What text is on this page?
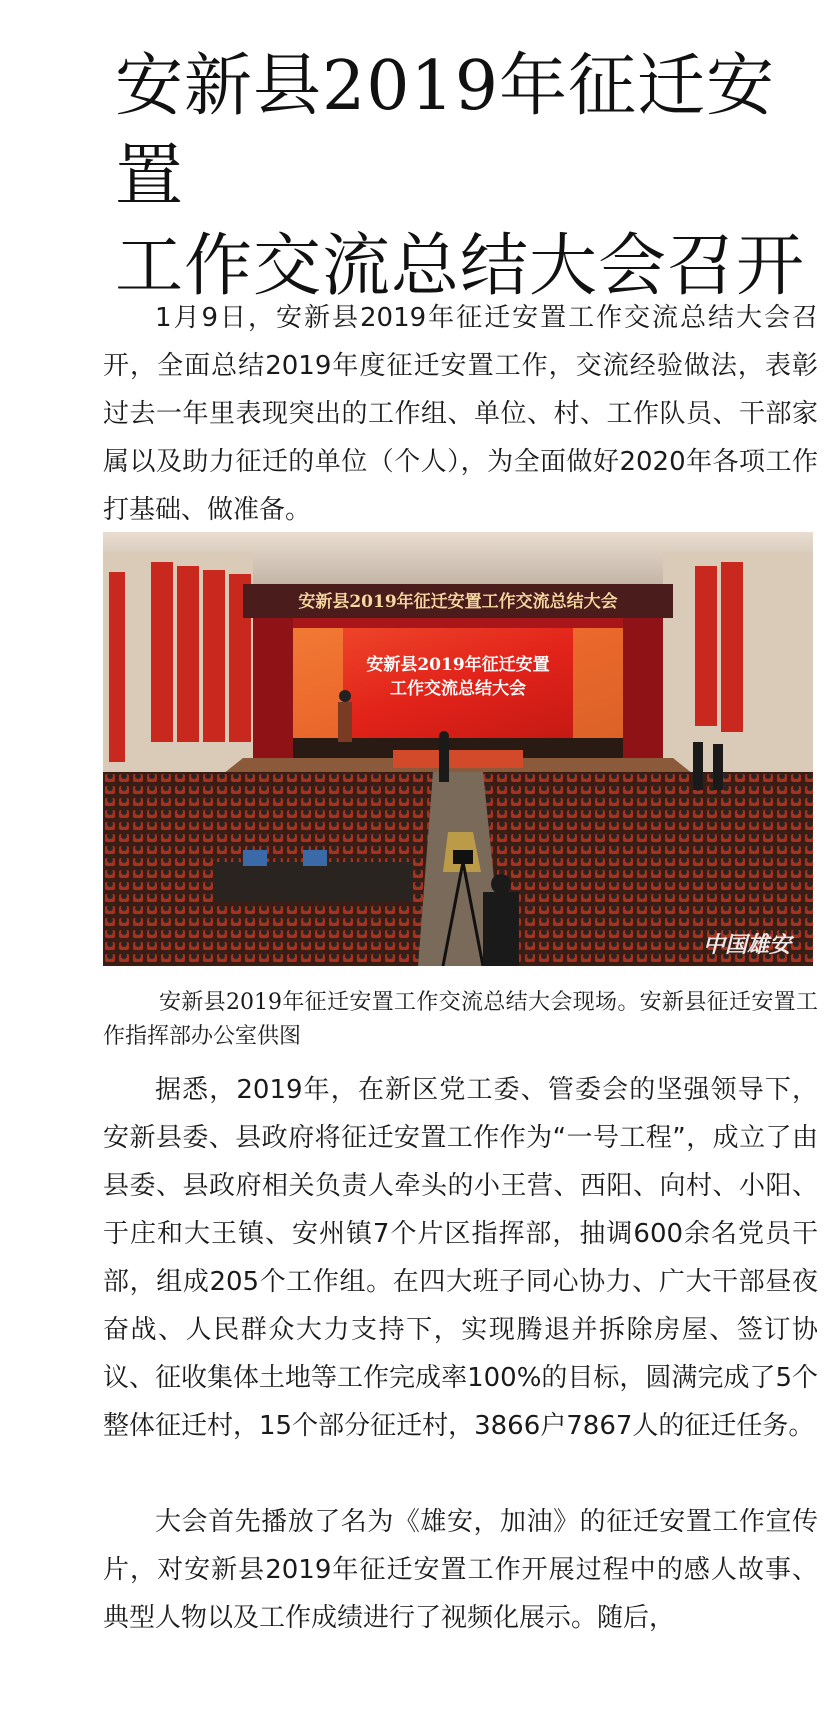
安新县2019年征迁安置
工作交流总结大会召开

1月9日，安新县2019年征迁安置工作交流总结大会召开，全面总结2019年度征迁安置工作，交流经验做法，表彰过去一年里表现突出的工作组、单位、村、工作队员、干部家属以及助力征迁的单位（个人），为全面做好2020年各项工作打基础、做准备。

安新县2019年征迁安置工作交流总结大会
安新县2019年征迁安置
工作交流总结大会
中国雄安

安新县2019年征迁安置工作交流总结大会现场。安新县征迁安置工作指挥部办公室供图

据悉，2019年，在新区党工委、管委会的坚强领导下，安新县委、县政府将征迁安置工作作为“一号工程”，成立了由县委、县政府相关负责人牵头的小王营、西阳、向村、小阳、于庄和大王镇、安州镇7个片区指挥部，抽调600余名党员干部，组成205个工作组。在四大班子同心协力、广大干部昼夜奋战、人民群众大力支持下，实现腾退并拆除房屋、签订协议、征收集体土地等工作完成率100%的目标，圆满完成了5个整体征迁村，15个部分征迁村，3866户7867人的征迁任务。

大会首先播放了名为《雄安，加油》的征迁安置工作宣传片，对安新县2019年征迁安置工作开展过程中的感人故事、典型人物以及工作成绩进行了视频化展示。随后，
